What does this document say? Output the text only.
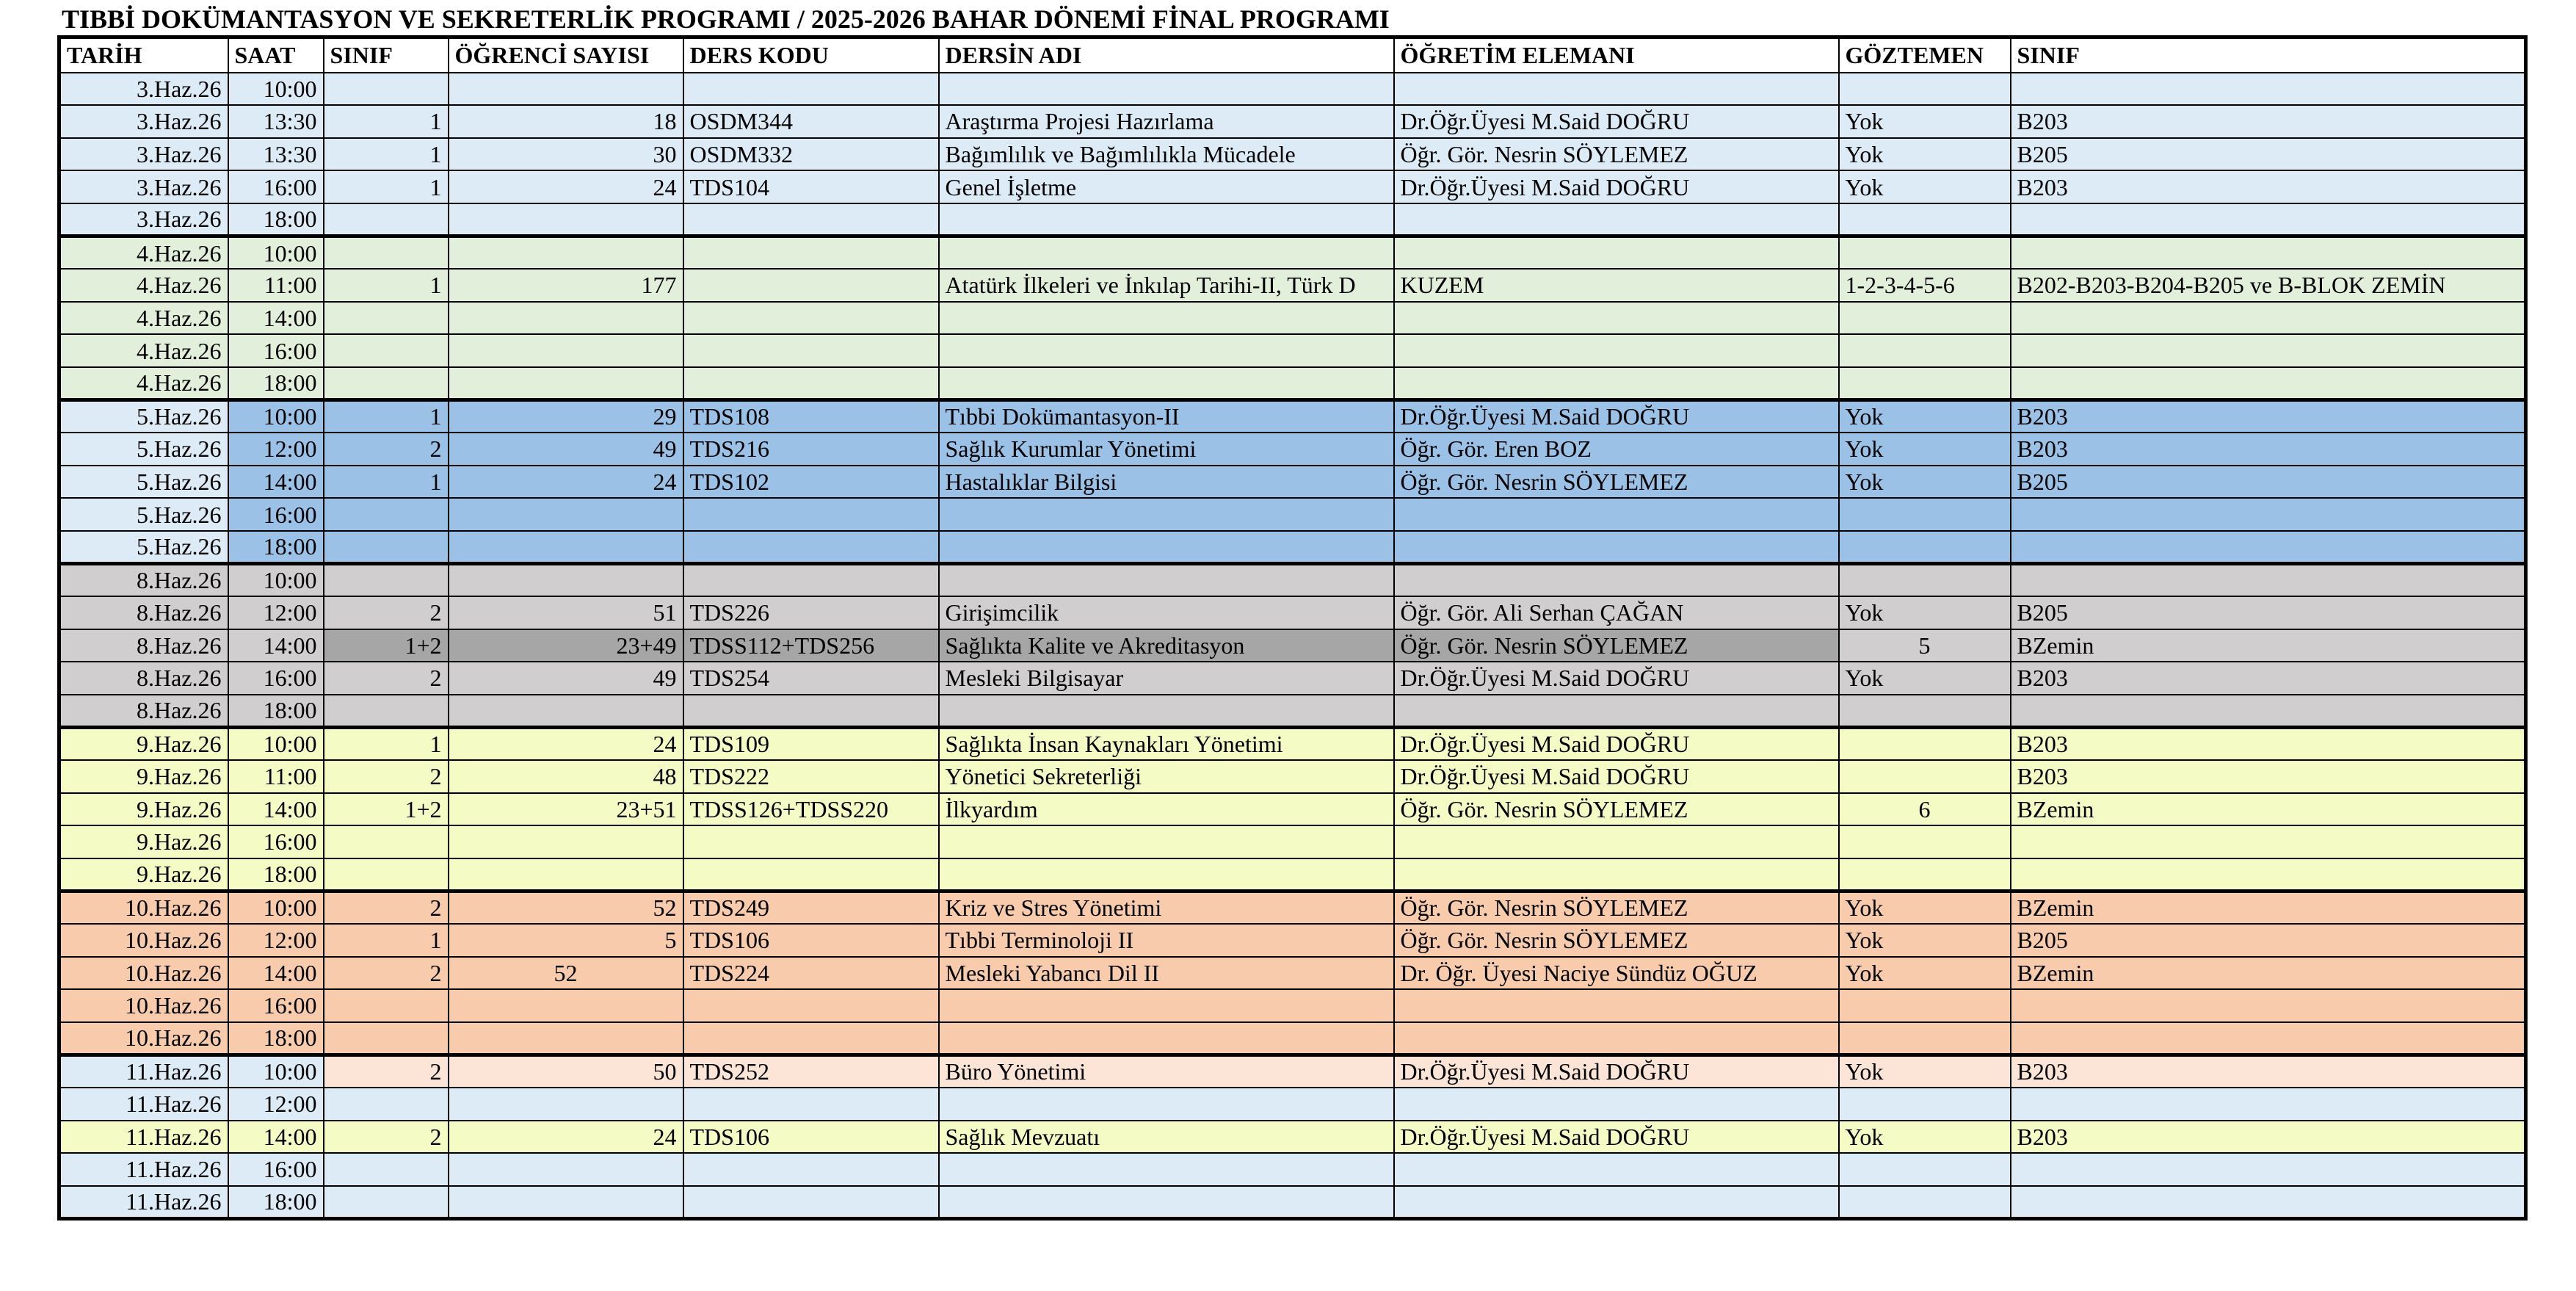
TIBBİ DOKÜMANTASYON VE SEKRETERLİK PROGRAMI / 2025-2026 BAHAR DÖNEMİ FİNAL PROGRAMI
TARİH	SAAT	SINIF	ÖĞRENCİ SAYISI	DERS KODU	DERSİN ADI	ÖĞRETİM ELEMANI	GÖZTEMEN	SINIF
3.Haz.26	10:00							
3.Haz.26	13:30	1	18	OSDM344	Araştırma Projesi Hazırlama	Dr.Öğr.Üyesi M.Said DOĞRU	Yok	B203
3.Haz.26	13:30	1	30	OSDM332	Bağımlılık ve Bağımlılıkla Mücadele	Öğr. Gör. Nesrin SÖYLEMEZ	Yok	B205
3.Haz.26	16:00	1	24	TDS104	Genel İşletme	Dr.Öğr.Üyesi M.Said DOĞRU	Yok	B203
3.Haz.26	18:00							
4.Haz.26	10:00							
4.Haz.26	11:00	1	177		Atatürk İlkeleri ve İnkılap Tarihi-II, Türk D	KUZEM	1-2-3-4-5-6	B202-B203-B204-B205 ve B-BLOK ZEMİN
4.Haz.26	14:00							
4.Haz.26	16:00							
4.Haz.26	18:00							
5.Haz.26	10:00	1	29	TDS108	Tıbbi Dokümantasyon-II	Dr.Öğr.Üyesi M.Said DOĞRU	Yok	B203
5.Haz.26	12:00	2	49	TDS216	Sağlık Kurumlar Yönetimi	Öğr. Gör. Eren BOZ	Yok	B203
5.Haz.26	14:00	1	24	TDS102	Hastalıklar Bilgisi	Öğr. Gör. Nesrin SÖYLEMEZ	Yok	B205
5.Haz.26	16:00							
5.Haz.26	18:00							
8.Haz.26	10:00							
8.Haz.26	12:00	2	51	TDS226	Girişimcilik	Öğr. Gör. Ali Serhan ÇAĞAN	Yok	B205
8.Haz.26	14:00	1+2	23+49	TDSS112+TDS256	Sağlıkta Kalite ve Akreditasyon	Öğr. Gör. Nesrin SÖYLEMEZ	5	BZemin
8.Haz.26	16:00	2	49	TDS254	Mesleki Bilgisayar	Dr.Öğr.Üyesi M.Said DOĞRU	Yok	B203
8.Haz.26	18:00							
9.Haz.26	10:00	1	24	TDS109	Sağlıkta İnsan Kaynakları Yönetimi	Dr.Öğr.Üyesi M.Said DOĞRU		B203
9.Haz.26	11:00	2	48	TDS222	Yönetici Sekreterliği	Dr.Öğr.Üyesi M.Said DOĞRU		B203
9.Haz.26	14:00	1+2	23+51	TDSS126+TDSS220	İlkyardım	Öğr. Gör. Nesrin SÖYLEMEZ	6	BZemin
9.Haz.26	16:00							
9.Haz.26	18:00							
10.Haz.26	10:00	2	52	TDS249	Kriz ve Stres Yönetimi	Öğr. Gör. Nesrin SÖYLEMEZ	Yok	BZemin
10.Haz.26	12:00	1	5	TDS106	Tıbbi Terminoloji II	Öğr. Gör. Nesrin SÖYLEMEZ	Yok	B205
10.Haz.26	14:00	2	52	TDS224	Mesleki Yabancı Dil II	Dr. Öğr. Üyesi Naciye Sündüz OĞUZ	Yok	BZemin
10.Haz.26	16:00							
10.Haz.26	18:00							
11.Haz.26	10:00	2	50	TDS252	Büro Yönetimi	Dr.Öğr.Üyesi M.Said DOĞRU	Yok	B203
11.Haz.26	12:00							
11.Haz.26	14:00	2	24	TDS106	Sağlık Mevzuatı	Dr.Öğr.Üyesi M.Said DOĞRU	Yok	B203
11.Haz.26	16:00							
11.Haz.26	18:00							
